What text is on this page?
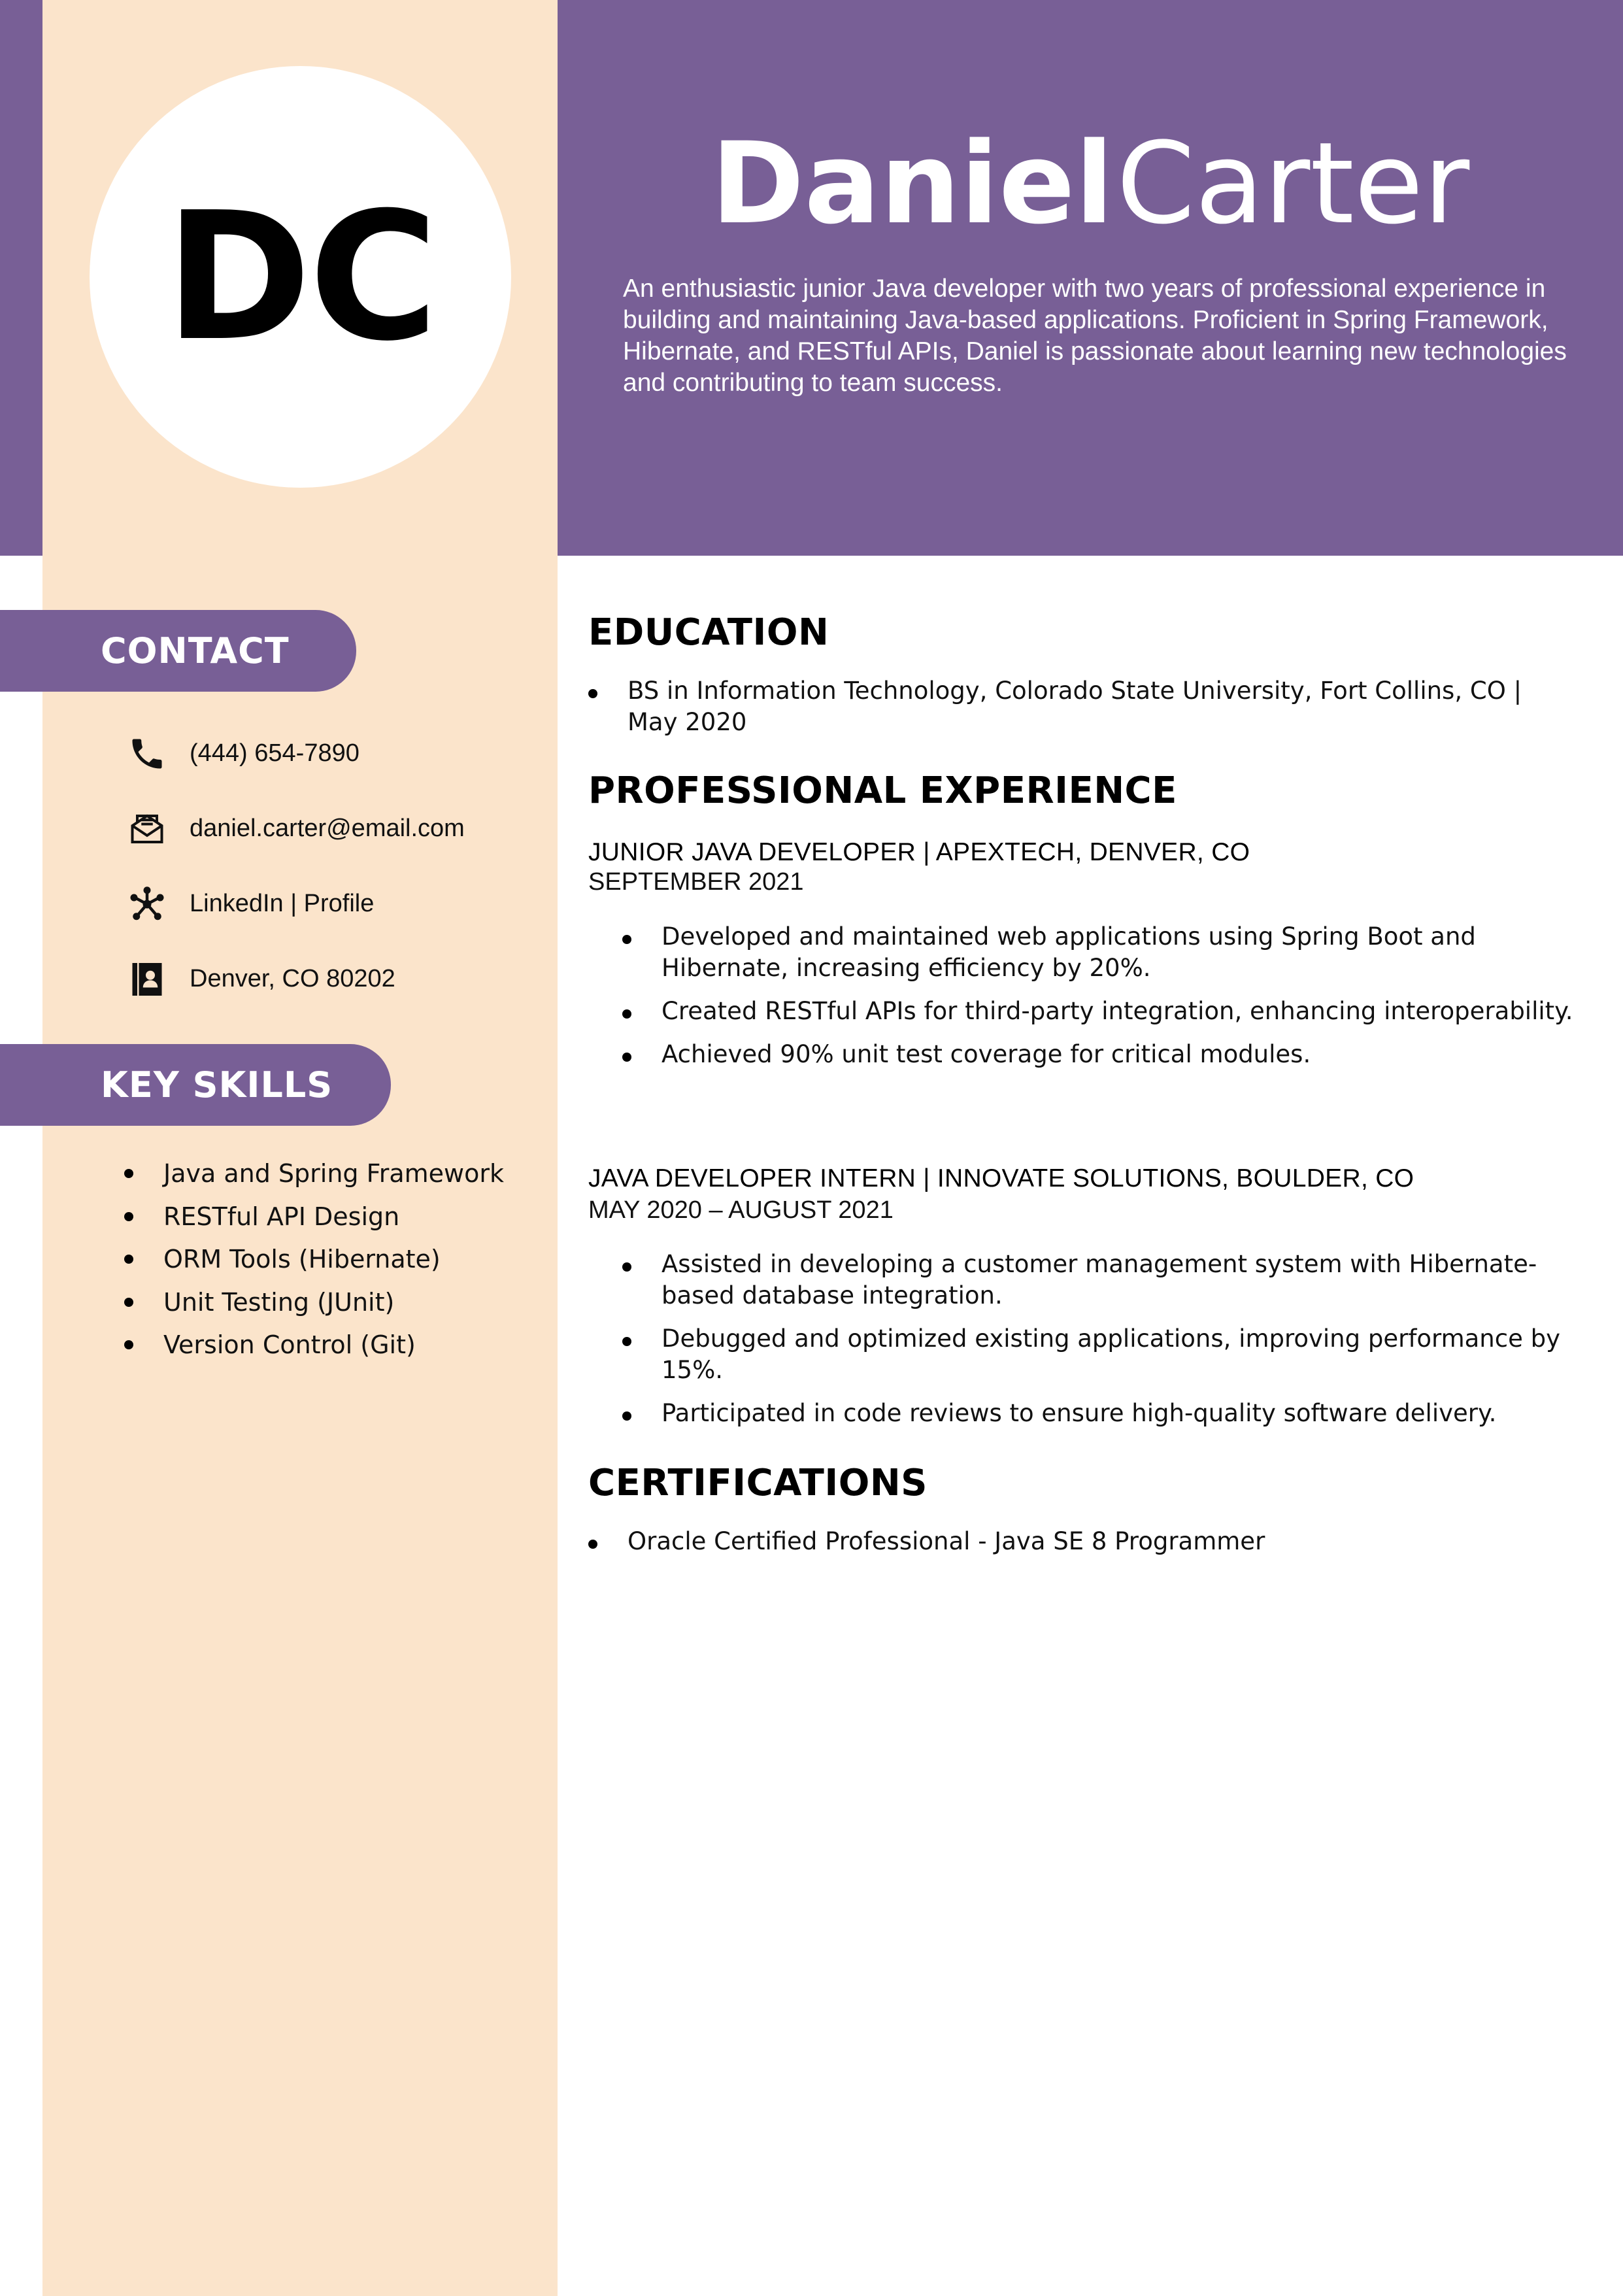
DC	Daniel Carter
An enthusiastic junior Java developer with two years of professional experience in building and maintaining Java-based applications. Proficient in Spring Framework, Hibernate, and RESTful APIs, Daniel is passionate about learning new technologies and contributing to team success.
CONTACT
(444) 654-7890
daniel.carter@email.com
LinkedIn | Profile
Denver, CO 80202
KEY SKILLS
Java and Spring Framework
RESTful API Design
ORM Tools (Hibernate)
Unit Testing (JUnit)
Version Control (Git)
EDUCATION
BS in Information Technology, Colorado State University, Fort Collins, CO | May 2020
PROFESSIONAL EXPERIENCE
JUNIOR JAVA DEVELOPER | APEXTECH, DENVER, CO
SEPTEMBER 2021
Developed and maintained web applications using Spring Boot and Hibernate, increasing efficiency by 20%.
Created RESTful APIs for third-party integration, enhancing interoperability.
Achieved 90% unit test coverage for critical modules.
JAVA DEVELOPER INTERN | INNOVATE SOLUTIONS, BOULDER, CO
MAY 2020 – AUGUST 2021
Assisted in developing a customer management system with Hibernate-based database integration.
Debugged and optimized existing applications, improving performance by 15%.
Participated in code reviews to ensure high-quality software delivery.
CERTIFICATIONS
Oracle Certified Professional - Java SE 8 Programmer
